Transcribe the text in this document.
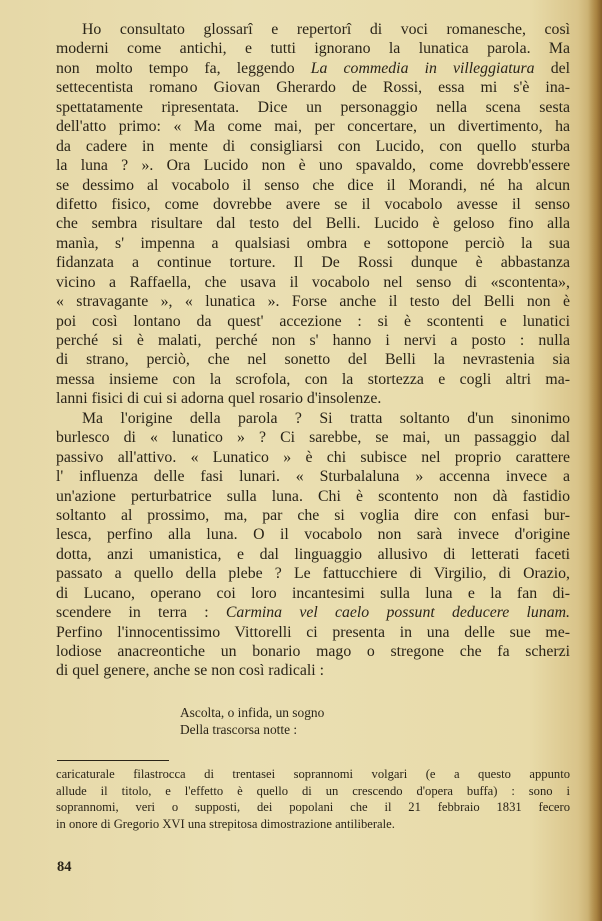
Ho consultato glossarî e repertorî di voci romanesche, così
moderni come antichi, e tutti ignorano la lunatica parola. Ma
non molto tempo fa, leggendo La commedia in villeggiatura del
settecentista romano Giovan Gherardo de Rossi, essa mi s'è ina-
spettatamente ripresentata. Dice un personaggio nella scena sesta
dell'atto primo: « Ma come mai, per concertare, un divertimento, ha
da cadere in mente di consigliarsi con Lucido, con quello sturba
la luna ? ». Ora Lucido non è uno spavaldo, come dovrebb'essere
se dessimo al vocabolo il senso che dice il Morandi, né ha alcun
difetto fisico, come dovrebbe avere se il vocabolo avesse il senso
che sembra risultare dal testo del Belli. Lucido è geloso fino alla
manìa, s' impenna a qualsiasi ombra e sottopone perciò la sua
fidanzata a continue torture. Il De Rossi dunque è abbastanza
vicino a Raffaella, che usava il vocabolo nel senso di «scontenta»,
« stravagante », « lunatica ». Forse anche il testo del Belli non è
poi così lontano da quest' accezione : si è scontenti e lunatici
perché si è malati, perché non s' hanno i nervi a posto : nulla
di strano, perciò, che nel sonetto del Belli la nevrastenia sia
messa insieme con la scrofola, con la stortezza e cogli altri ma-
lanni fisici di cui si adorna quel rosario d'insolenze.
Ma l'origine della parola ? Si tratta soltanto d'un sinonimo
burlesco di « lunatico » ? Ci sarebbe, se mai, un passaggio dal
passivo all'attivo. « Lunatico » è chi subisce nel proprio carattere
l' influenza delle fasi lunari. « Sturbalaluna » accenna invece a
un'azione perturbatrice sulla luna. Chi è scontento non dà fastidio
soltanto al prossimo, ma, par che si voglia dire con enfasi bur-
lesca, perfino alla luna. O il vocabolo non sarà invece d'origine
dotta, anzi umanistica, e dal linguaggio allusivo di letterati faceti
passato a quello della plebe ? Le fattucchiere di Virgilio, di Orazio,
di Lucano, operano coi loro incantesimi sulla luna e la fan di-
scendere in terra : Carmina vel caelo possunt deducere lunam.
Perfino l'innocentissimo Vittorelli ci presenta in una delle sue me-
lodiose anacreontiche un bonario mago o stregone che fa scherzi
di quel genere, anche se non così radicali :
Ascolta, o infida, un sogno
Della trascorsa notte :
caricaturale filastrocca di trentasei soprannomi volgari (e a questo appunto
allude il titolo, e l'effetto è quello di un crescendo d'opera buffa) : sono i
soprannomi, veri o supposti, dei popolani che il 21 febbraio 1831 fecero
in onore di Gregorio XVI una strepitosa dimostrazione antiliberale.
84
